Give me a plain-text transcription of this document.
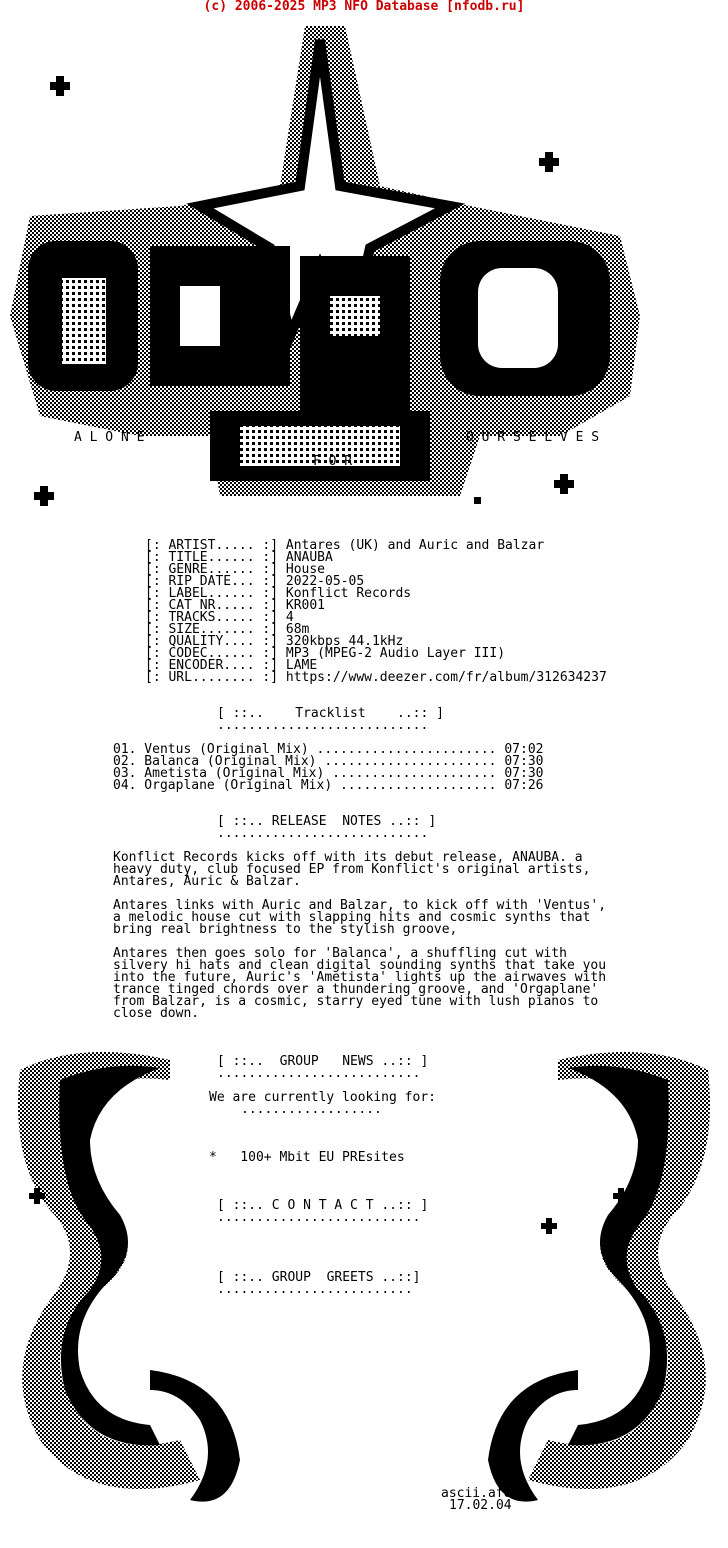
(c) 2006-2025 MP3 NFO Database [nfodb.ru]
A L O N E
F O R
O U R S E L V E S
[: ARTIST..... :] Antares (UK) and Auric and Balzar
[: TITLE...... :] ANAUBA
[: GENRE...... :] House
[: RIP DATE... :] 2022-05-05
[: LABEL...... :] Konflict Records
[: CAT NR..... :] KR001
[: TRACKS..... :] 4
[: SIZE....... :] 68m
[: QUALITY.... :] 320kbps 44.1kHz
[: CODEC...... :] MP3 (MPEG-2 Audio Layer III)
[: ENCODER.... :] LAME
[: URL........ :] https://www.deezer.com/fr/album/312634237
[ ::..    Tracklist    ..:: ]
...........................
01. Ventus (Original Mix) ....................... 07:02
02. Balanca (Original Mix) ...................... 07:30
03. Ametista (Original Mix) ..................... 07:30
04. Orgaplane (Original Mix) .................... 07:26
[ ::.. RELEASE  NOTES ..:: ]
...........................
Konflict Records kicks off with its debut release, ANAUBA. a
heavy duty, club focused EP from Konflict's original artists,
Antares, Auric & Balzar.
Antares links with Auric and Balzar, to kick off with 'Ventus',
a melodic house cut with slapping hits and cosmic synths that
bring real brightness to the stylish groove,
Antares then goes solo for 'Balanca', a shuffling cut with
silvery hi hats and clean digital sounding synths that take you
into the future, Auric's 'Ametista' lights up the airwaves with
trance tinged chords over a thundering groove, and 'Orgaplane'
from Balzar, is a cosmic, starry eyed tune with lush pianos to
close down.
[ ::..  GROUP   NEWS ..:: ]
..........................
We are currently looking for:
..................
*   100+ Mbit EU PREsites
[ ::.. C O N T A C T ..:: ]
..........................
[ ::.. GROUP  GREETS ..::]
.........................
ascii.afo
17.02.04
